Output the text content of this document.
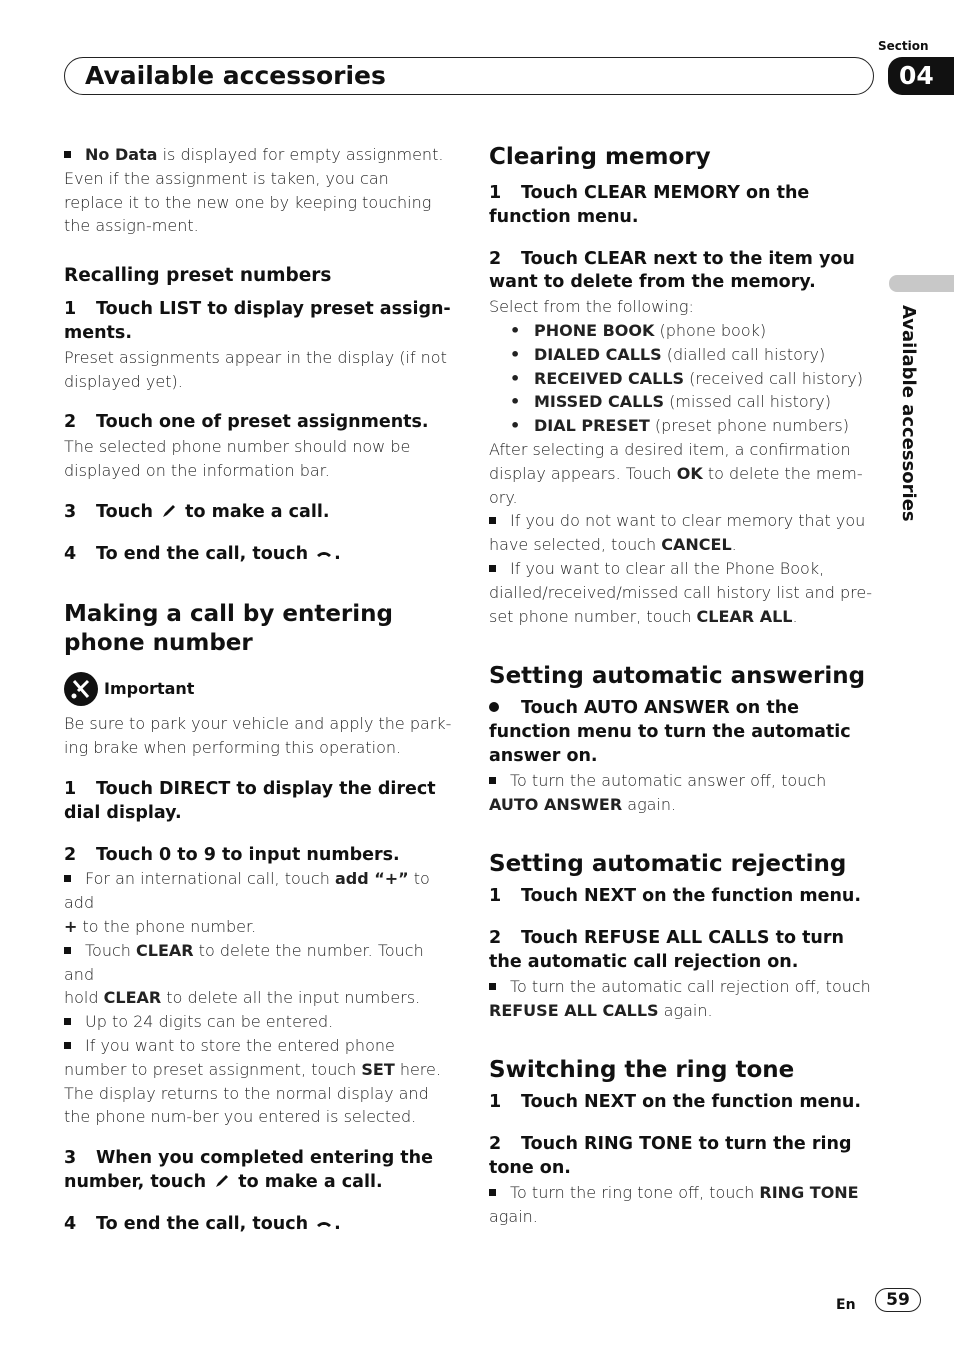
Section
Available accessories	04
Available accessories

No Data is displayed for empty assignment.

Even if the assignment is taken, you can replace it to the new one by keeping touching the assign-ment.

Recalling preset numbers

1 Touch LIST to display preset assign-ments.

Preset assignments appear in the display (if not displayed yet).

2 Touch one of preset assignments.

The selected phone number should now be displayed on the information bar.

3 Touch  to make a call.

4 To end the call, touch .

Making a call by entering phone number

Important

Be sure to park your vehicle and apply the park-ing brake when performing this operation.

1 Touch DIRECT to display the direct dial display.

2 Touch 0 to 9 to input numbers.

For an international call, touch add “+” to add
+ to the phone number.

Touch CLEAR to delete the number. Touch and
hold CLEAR to delete all the input numbers.

Up to 24 digits can be entered.

If you want to store the entered phone number to preset assignment, touch SET here. The display returns to the normal display and the phone num-ber you entered is selected.

3 When you completed entering the number, touch  to make a call.

4 To end the call, touch .

Clearing memory

1 Touch CLEAR MEMORY on the function menu.

2 Touch CLEAR next to the item you want to delete from the memory.

Select from the following:

• PHONE BOOK (phone book)
• DIALED CALLS (dialled call history)
• RECEIVED CALLS (received call history)
• MISSED CALLS (missed call history)
• DIAL PRESET (preset phone numbers)

After selecting a desired item, a confirmation display appears. Touch OK to delete the mem-ory.

If you do not want to clear memory that you have selected, touch CANCEL.

If you want to clear all the Phone Book, dialled/received/missed call history list and pre-set phone number, touch CLEAR ALL.

Setting automatic answering

Touch AUTO ANSWER on the function menu to turn the automatic answer on.

To turn the automatic answer off, touch
AUTO ANSWER again.

Setting automatic rejecting

1 Touch NEXT on the function menu.

2 Touch REFUSE ALL CALLS to turn the automatic call rejection on.

To turn the automatic call rejection off, touch
REFUSE ALL CALLS again.

Switching the ring tone

1 Touch NEXT on the function menu.

2 Touch RING TONE to turn the ring tone on.

To turn the ring tone off, touch RING TONE again.

En	59
